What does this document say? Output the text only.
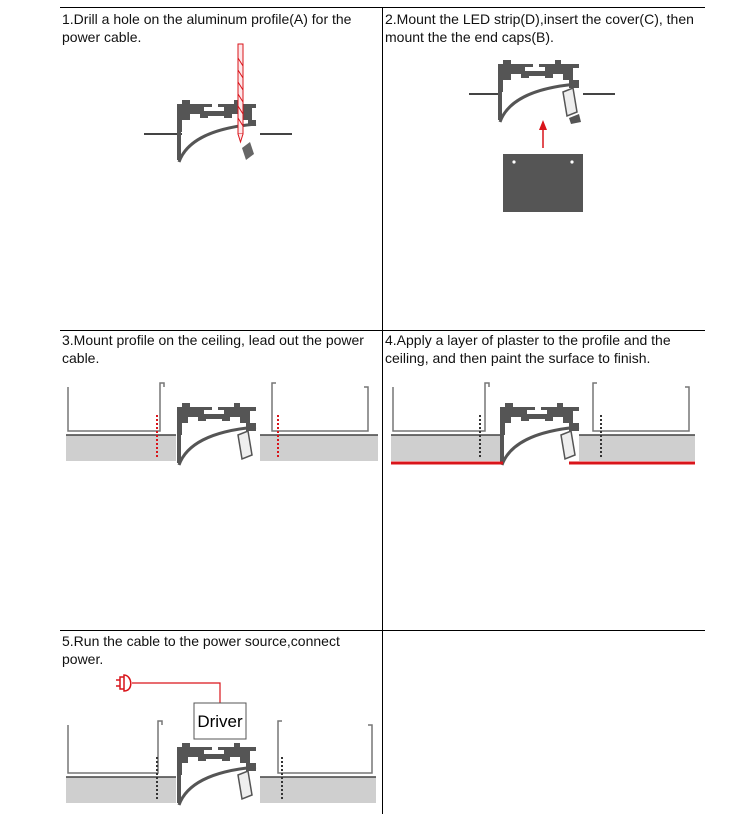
1.Drill a hole on the aluminum profile(A) for the power cable.
2.Mount the LED strip(D),insert the cover(C), then mount the the end caps(B).
3.Mount profile on the ceiling, lead out the power cable.
4.Apply a layer of plaster to the profile and the ceiling, and then paint the surface to finish.
5.Run the cable to the power source,connect power.
Driver
